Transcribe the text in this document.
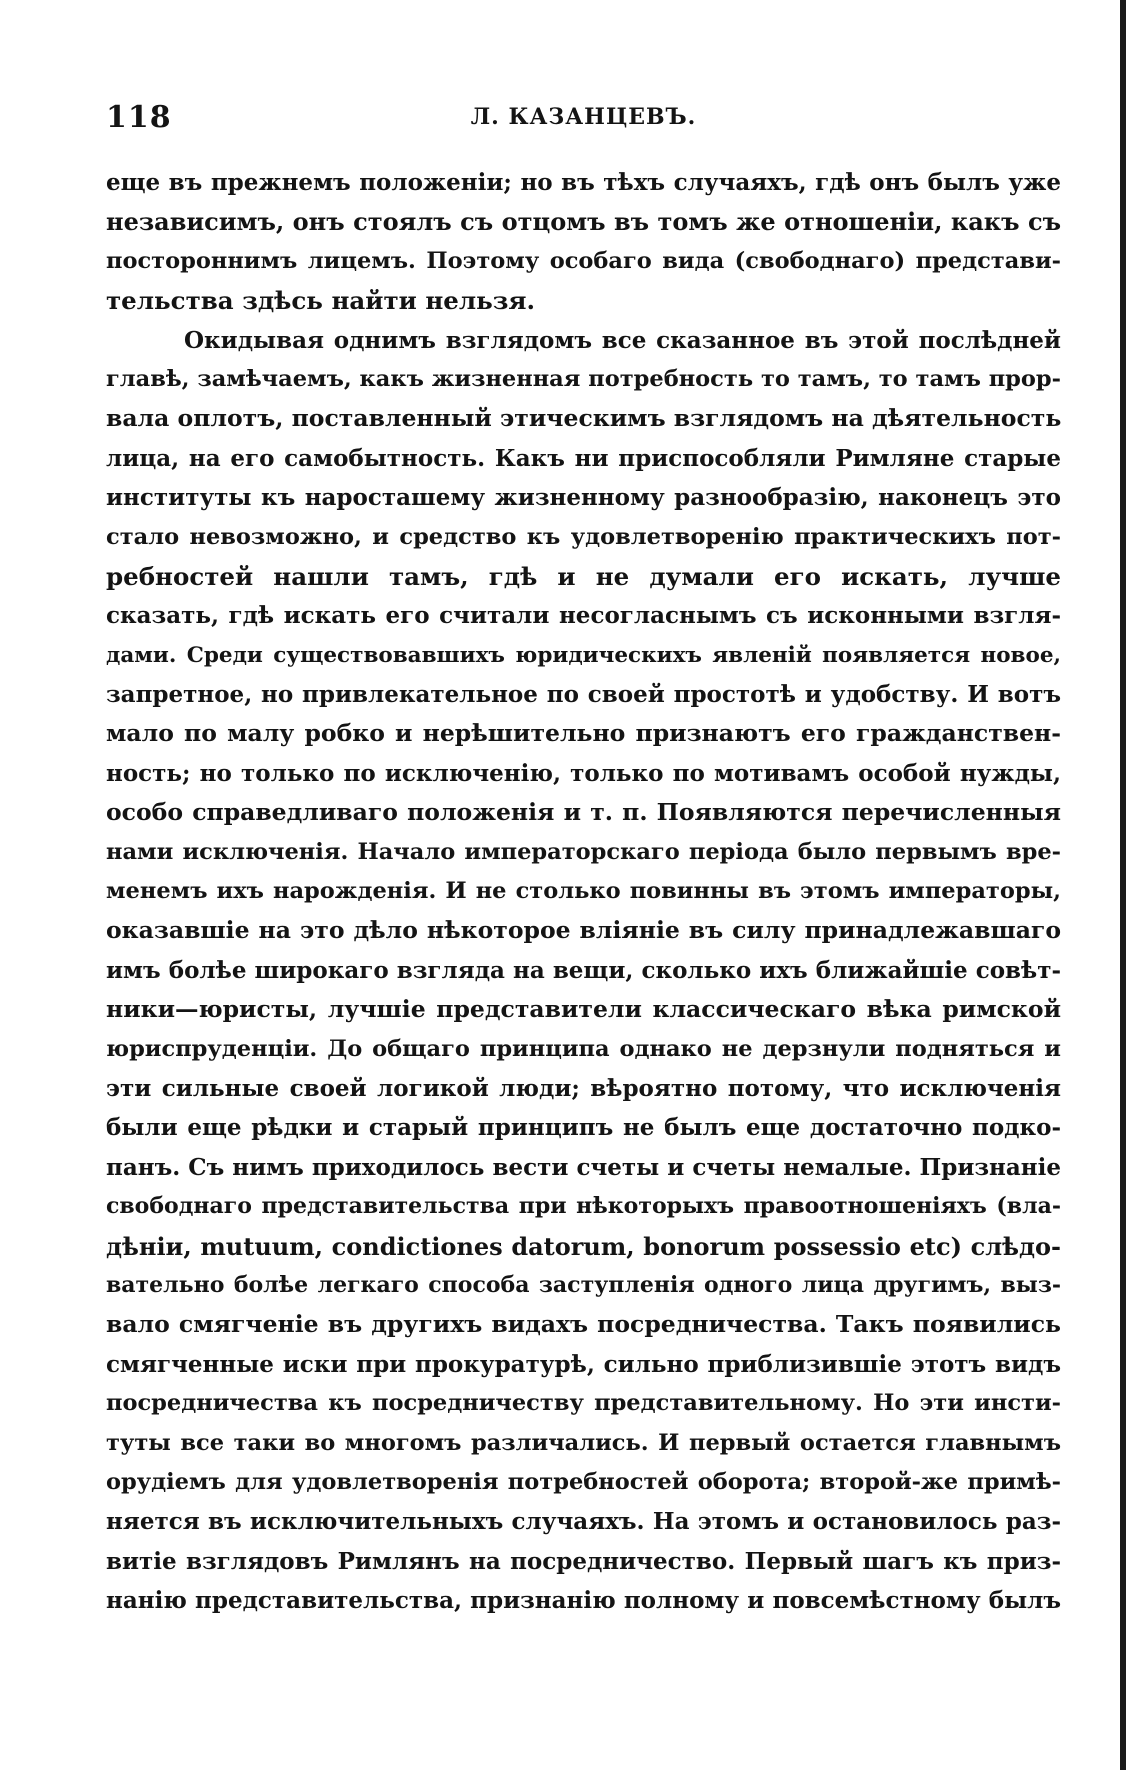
118	Л. КАЗАНЦЕВЪ.
еще въ прежнемъ положеніи; но въ тѣхъ случаяхъ, гдѣ онъ былъ уже
независимъ, онъ стоялъ съ отцомъ въ томъ же отношеніи, какъ съ
постороннимъ лицемъ. Поэтому особаго вида (свободнаго) представи-
тельства здѣсь найти нельзя.
Окидывая однимъ взглядомъ все сказанное въ этой послѣдней
главѣ, замѣчаемъ, какъ жизненная потребность то тамъ, то тамъ прор-
вала оплотъ, поставленный этическимъ взглядомъ на дѣятельность
лица, на его самобытность. Какъ ни приспособляли Римляне старые
институты къ наросташему жизненному разнообразію, наконецъ это
стало невозможно, и средство къ удовлетворенію практическихъ пот-
ребностей нашли тамъ, гдѣ и не думали его искать, лучше
сказать, гдѣ искать его считали несогласнымъ съ исконными взгля-
дами. Среди существовавшихъ юридическихъ явленій появляется новое,
запретное, но привлекательное по своей простотѣ и удобству. И вотъ
мало по малу робко и нерѣшительно признаютъ его гражданствен-
ность; но только по исключенію, только по мотивамъ особой нужды,
особо справедливаго положенія и т. п. Появляются перечисленныя
нами исключенія. Начало императорскаго періода было первымъ вре-
менемъ ихъ нарожденія. И не столько повинны въ этомъ императоры,
оказавшіе на это дѣло нѣкоторое вліяніе въ силу принадлежавшаго
имъ болѣе широкаго взгляда на вещи, сколько ихъ ближайшіе совѣт-
ники—юристы, лучшіе представители классическаго вѣка римской
юриспруденціи. До общаго принципа однако не дерзнули подняться и
эти сильные своей логикой люди; вѣроятно потому, что исключенія
были еще рѣдки и старый принципъ не былъ еще достаточно подко-
панъ. Съ нимъ приходилось вести счеты и счеты немалые. Признаніе
свободнаго представительства при нѣкоторыхъ правоотношеніяхъ (вла-
дѣніи, mutuum, condictiones datorum, bonorum possessio etc) слѣдо-
вательно болѣе легкаго способа заступленія одного лица другимъ, выз-
вало смягченіе въ другихъ видахъ посредничества. Такъ появились
смягченные иски при прокуратурѣ, сильно приблизившіе этотъ видъ
посредничества къ посредничеству представительному. Но эти инсти-
туты все таки во многомъ различались. И первый остается главнымъ
орудіемъ для удовлетворенія потребностей оборота; второй-же примѣ-
няется въ исключительныхъ случаяхъ. На этомъ и остановилось раз-
витіе взглядовъ Римлянъ на посредничество. Первый шагъ къ приз-
нанію представительства, признанію полному и повсемѣстному былъ
